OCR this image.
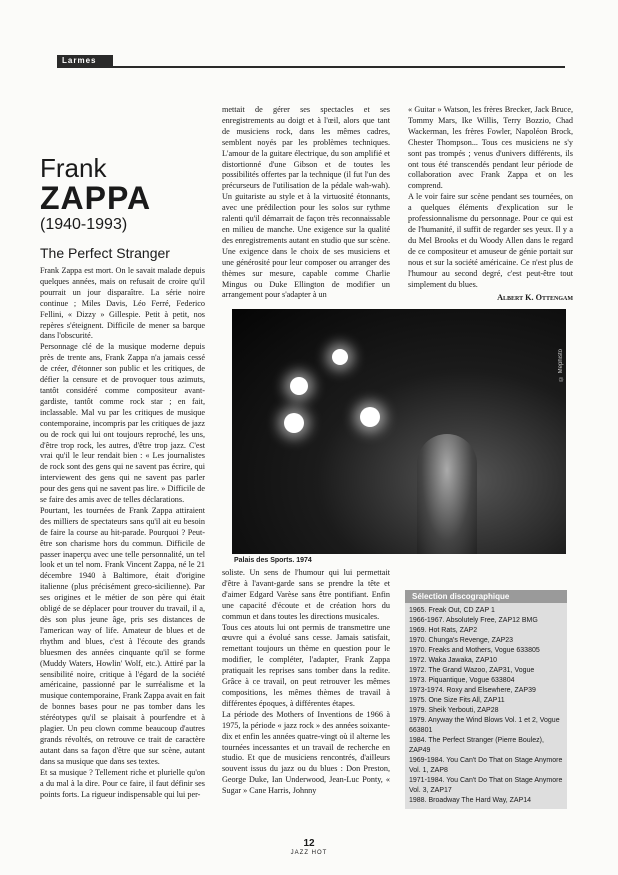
Larmes
Frank
ZAPPA
(1940-1993)
The Perfect Stranger

Frank Zappa est mort. On le savait malade depuis quelques années, mais on refusait de croire qu'il pourrait un jour disparaître. La série noire continue ; Miles Davis, Léo Ferré, Federico Fellini, « Dizzy » Gillespie. Petit à petit, nos repères s'éteignent. Difficile de mener sa barque dans l'obscurité.

Personnage clé de la musique moderne depuis près de trente ans, Frank Zappa n'a jamais cessé de créer, d'étonner son public et les critiques, de défier la censure et de provoquer tous azimuts, tantôt considéré comme compositeur avant-gardiste, tantôt comme rock star ; en fait, inclassable. Mal vu par les critiques de musique contemporaine, incompris par les critiques de jazz ou de rock qui lui ont toujours reproché, les uns, d'être trop rock, les autres, d'être trop jazz. C'est vrai qu'il le leur rendait bien : « Les journalistes de rock sont des gens qui ne savent pas écrire, qui interviewent des gens qui ne savent pas parler pour des gens qui ne savent pas lire. » Difficile de se faire des amis avec de telles déclarations.

Pourtant, les tournées de Frank Zappa attiraient des milliers de spectateurs sans qu'il ait eu besoin de faire la course au hit-parade. Pourquoi ? Peut-être son charisme hors du commun. Difficile de passer inaperçu avec une telle personnalité, un tel look et un tel nom. Frank Vincent Zappa, né le 21 décembre 1940 à Baltimore, était d'origine italienne (plus précisément greco-sicilienne). Par ses origines et le métier de son père qui était obligé de se déplacer pour trouver du travail, il a, dès son plus jeune âge, pris ses distances de l'american way of life. Amateur de blues et de rhythm and blues, c'est à l'écoute des grands bluesmen des années cinquante qu'il se forme (Muddy Waters, Howlin' Wolf, etc.). Attiré par la sensibilité noire, critique à l'égard de la société américaine, passionné par le surréalisme et la musique contemporaine, Frank Zappa avait en fait de bonnes bases pour ne pas tomber dans les stéréotypes qu'il se plaisait à pourfendre et à plagier. Un peu clown comme beaucoup d'autres grands révoltés, on retrouve ce trait de caractère autant dans sa façon d'être que sur scène, autant dans sa musique que dans ses textes.

Et sa musique ? Tellement riche et plurielle qu'on a du mal à la dire. Pour ce faire, il faut définir ses points forts. La rigueur indispensable qui lui per-

mettait de gérer ses spectacles et ses enregistrements au doigt et à l'œil, alors que tant de musiciens rock, dans les mêmes cadres, semblent noyés par les problèmes techniques. L'amour de la guitare électrique, du son amplifié et distortionné d'une Gibson et de toutes les possibilités offertes par la technique (il fut l'un des précurseurs de l'utilisation de la pédale wah-wah). Un guitariste au style et à la virtuosité étonnants, avec une prédilection pour les solos sur rythme ralenti qu'il démarrait de façon très reconnaissable en milieu de manche. Une exigence sur la qualité des enregistrements autant en studio que sur scène. Une exigence dans le choix de ses musiciens et une générosité pour leur composer ou arranger des thèmes sur mesure, capable comme Charlie Mingus ou Duke Ellington de modifier un arrangement pour s'adapter à un

« Guitar » Watson, les frères Brecker, Jack Bruce, Tommy Mars, Ike Willis, Terry Bozzio, Chad Wackerman, les frères Fowler, Napoléon Brock, Chester Thompson... Tous ces musiciens ne s'y sont pas trompés ; venus d'univers différents, ils ont tous été transcendés pendant leur période de collaboration avec Frank Zappa et on les comprend.

A le voir faire sur scène pendant ses tournées, on a quelques éléments d'explication sur le professionnalisme du personnage. Pour ce qui est de l'humanité, il suffit de regarder ses yeux. Il y a du Mel Brooks et du Woody Allen dans le regard de ce compositeur et amuseur de génie portait sur nous et sur la société américaine. Ce n'est plus de l'humour au second degré, c'est peut-être tout simplement du blues.

Albert K. Ottengam

© Mephisto
Palais des Sports. 1974

soliste. Un sens de l'humour qui lui permettait d'être à l'avant-garde sans se prendre la tête et d'aimer Edgard Varèse sans être pontifiant. Enfin une capacité d'écoute et de création hors du commun et dans toutes les directions musicales.

Tous ces atouts lui ont permis de transmettre une œuvre qui a évolué sans cesse. Jamais satisfait, remettant toujours un thème en question pour le modifier, le compléter, l'adapter, Frank Zappa pratiquait les reprises sans tomber dans la redite. Grâce à ce travail, on peut retrouver les mêmes compositions, les mêmes thèmes de travail à différentes époques, à différentes étapes.

La période des Mothers of Inventions de 1966 à 1975, la période « jazz rock » des années soixante-dix et enfin les années quatre-vingt où il alterne les tournées incessantes et un travail de recherche en studio. Et que de musiciens rencontrés, d'ailleurs souvent issus du jazz ou du blues : Don Preston, George Duke, Ian Underwood, Jean-Luc Ponty, « Sugar » Cane Harris, Johnny

Sélection discographique
1965. Freak Out, CD ZAP 1
1966-1967. Absolutely Free, ZAP12 BMG
1969. Hot Rats, ZAP2
1970. Chunga's Revenge, ZAP23
1970. Freaks and Mothers, Vogue 633805
1972. Waka Jawaka, ZAP10
1972. The Grand Wazoo, ZAP31, Vogue
1973. Piquantique, Vogue 633804
1973-1974. Roxy and Elsewhere, ZAP39
1975. One Size Fits All, ZAP11
1979. Sheik Yerbouti, ZAP28
1979. Anyway the Wind Blows Vol. 1 et 2, Vogue 663801
1984. The Perfect Stranger (Pierre Boulez), ZAP49
1969-1984. You Can't Do That on Stage Anymore Vol. 1, ZAP8
1971-1984. You Can't Do That on Stage Anymore Vol. 3, ZAP17
1988. Broadway The Hard Way, ZAP14
12
JAZZ HOT
